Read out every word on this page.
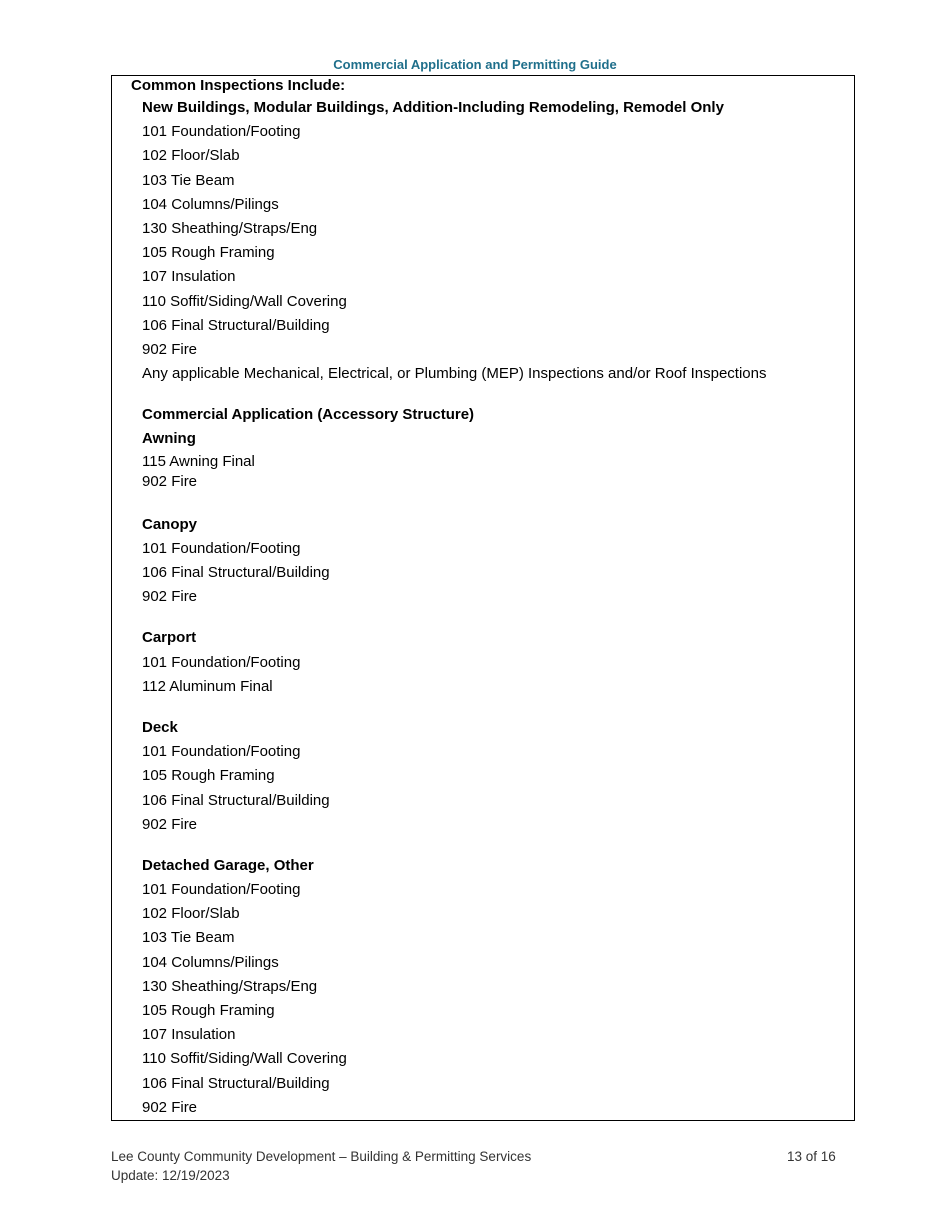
Commercial Application and Permitting Guide
Common Inspections Include:
New Buildings, Modular Buildings, Addition-Including Remodeling, Remodel Only
101 Foundation/Footing
102 Floor/Slab
103 Tie Beam
104 Columns/Pilings
130 Sheathing/Straps/Eng
105 Rough Framing
107 Insulation
110 Soffit/Siding/Wall Covering
106 Final Structural/Building
902 Fire
Any applicable Mechanical, Electrical, or Plumbing (MEP) Inspections and/or Roof Inspections
Commercial Application (Accessory Structure)
Awning
115 Awning Final
902 Fire
Canopy
101 Foundation/Footing
106 Final Structural/Building
902 Fire
Carport
101 Foundation/Footing
112 Aluminum Final
Deck
101 Foundation/Footing
105 Rough Framing
106 Final Structural/Building
902 Fire
Detached Garage, Other
101 Foundation/Footing
102 Floor/Slab
103 Tie Beam
104 Columns/Pilings
130 Sheathing/Straps/Eng
105 Rough Framing
107 Insulation
110 Soffit/Siding/Wall Covering
106 Final Structural/Building
902 Fire
Lee County Community Development – Building & Permitting Services
Update: 12/19/2023
13 of 16
